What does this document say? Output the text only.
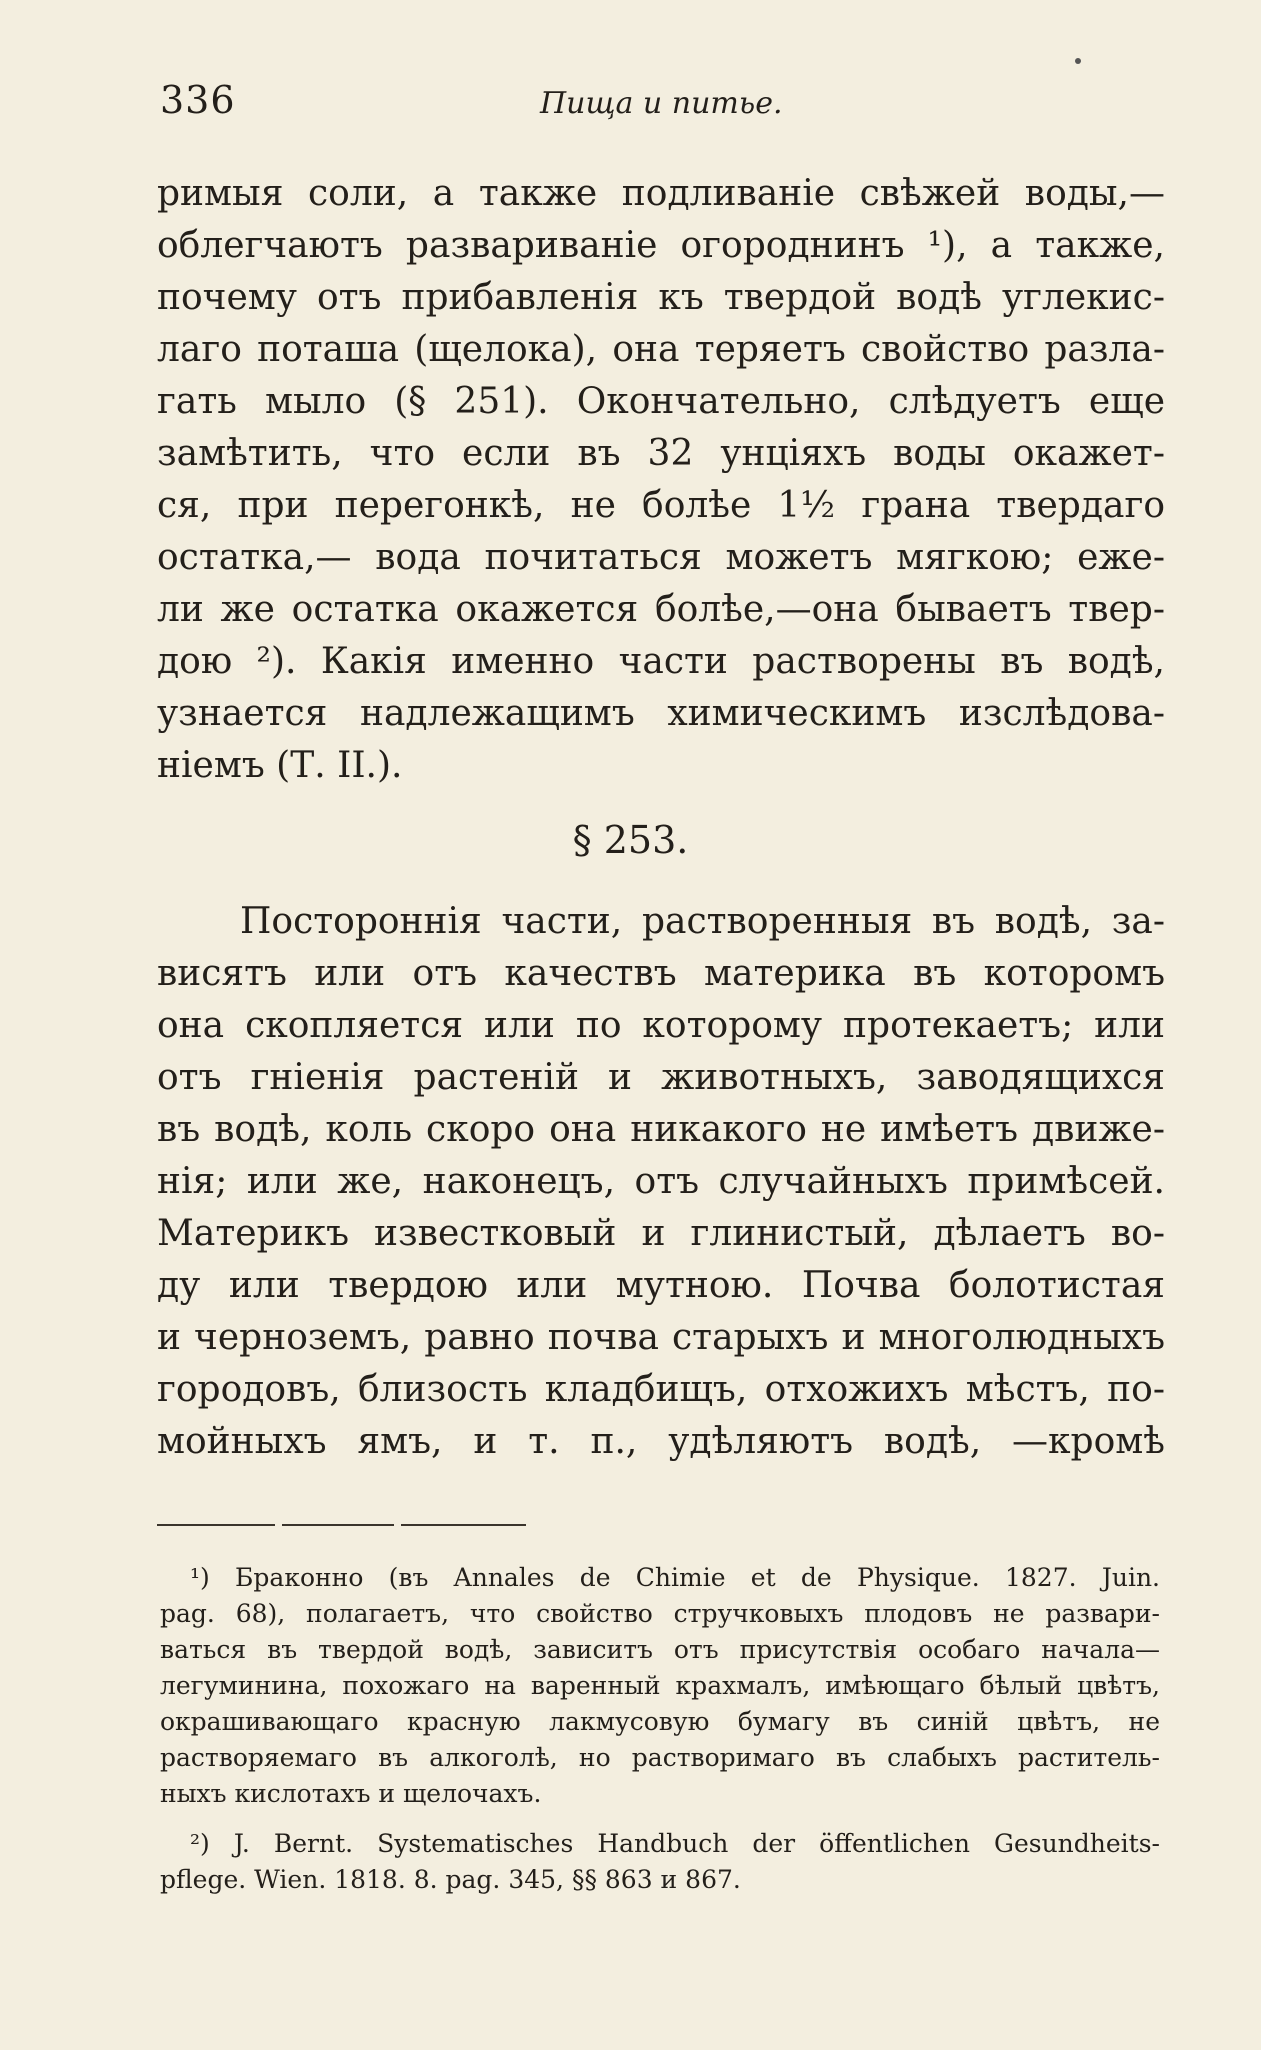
336	Пища и питье.
римыя соли, а также подливаніе свѣжей воды,—
облегчаютъ развариваніе огороднинъ ¹), а также,
почему отъ прибавленія къ твердой водѣ углекис-
лаго поташа (щелока), она теряетъ свойство разла-
гать мыло (§ 251). Окончательно, слѣдуетъ еще
замѣтить, что если въ 32 унціяхъ воды окажет-
ся, при перегонкѣ, не болѣе 1½ грана твердаго
остатка,— вода почитаться можетъ мягкою; еже-
ли же остатка окажется болѣе,—она бываетъ твер-
дою ²). Какія именно части растворены въ водѣ,
узнается надлежащимъ химическимъ изслѣдова-
ніемъ (Т. II.).
§ 253.
Постороннія части, растворенныя въ водѣ, за-
висятъ или отъ качествъ материка въ которомъ
она скопляется или по которому протекаетъ; или
отъ гніенія растеній и животныхъ, заводящихся
въ водѣ, коль скоро она никакого не имѣетъ движе-
нія; или же, наконецъ, отъ случайныхъ примѣсей.
Материкъ известковый и глинистый, дѣлаетъ во-
ду или твердою или мутною. Почва болотистая
и черноземъ, равно почва старыхъ и многолюдныхъ
городовъ, близость кладбищъ, отхожихъ мѣстъ, по-
мойныхъ ямъ, и т. п., удѣляютъ водѣ, —кромѣ
¹) Браконно (въ Annales de Chimie et de Physique. 1827. Juin.
pag. 68), полагаетъ, что свойство стручковыхъ плодовъ не развари-
ваться въ твердой водѣ, зависитъ отъ присутствія особаго начала—
легуминина, похожаго на варенный крахмалъ, имѣющаго бѣлый цвѣтъ,
окрашивающаго красную лакмусовую бумагу въ синій цвѣтъ, не
растворяемаго въ алкоголѣ, но растворимаго въ слабыхъ раститель-
ныхъ кислотахъ и щелочахъ.
²) J. Bernt. Systematisches Handbuch der öffentlichen Gesundheits-
pflege. Wien. 1818. 8. pag. 345, §§ 863 и 867.
